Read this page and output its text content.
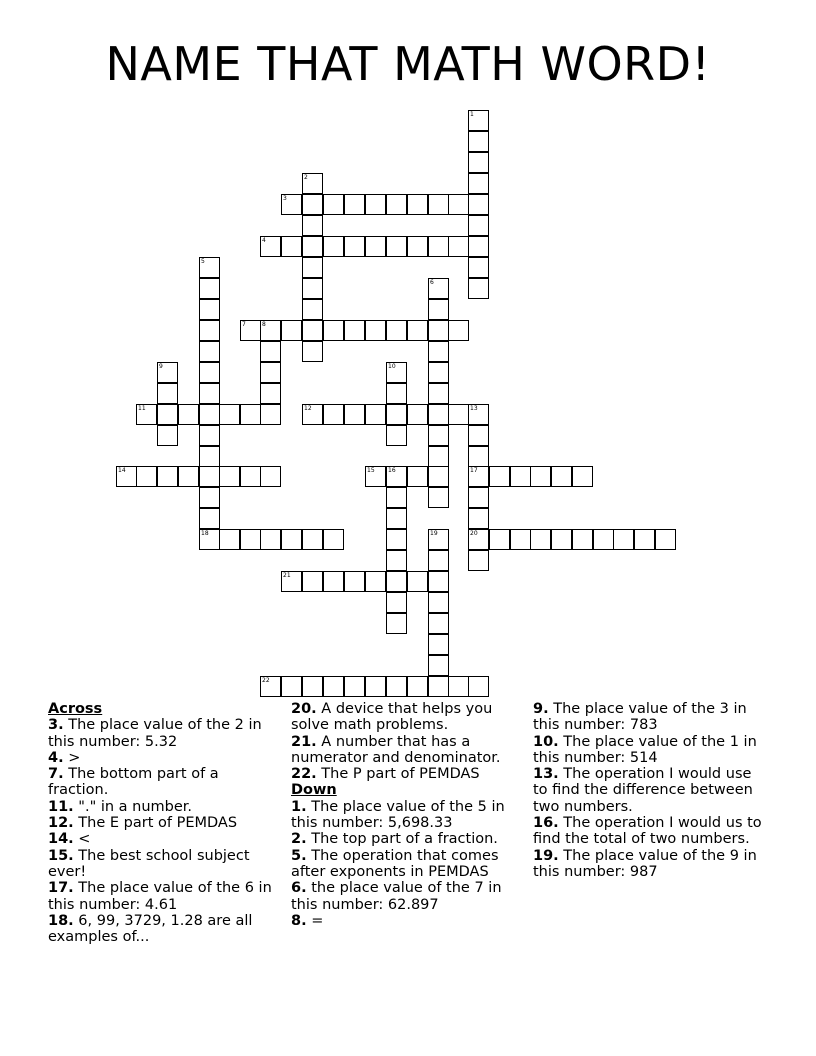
NAME THAT MATH WORD!
1
2
3
4
5
18
6
7	8
9	10
11	12	13
17
20
14	15 16
19
21
22
Across
3. The place value of the 2 in this number: 5.32
4. >
7. The bottom part of a fraction.
11. "." in a number.
12. The E part of PEMDAS
14. <
15. The best school subject ever!
17. The place value of the 6 in this number: 4.61
18. 6, 99, 3729, 1.28 are all examples of...
20. A device that helps you solve math problems.
21. A number that has a numerator and denominator.
22. The P part of PEMDAS
Down
1. The place value of the 5 in this number: 5,698.33
2. The top part of a fraction.
5. The operation that comes after exponents in PEMDAS
6. the place value of the 7 in this number: 62.897
8. =
9. The place value of the 3 in this number: 783
10. The place value of the 1 in this number: 514
13. The operation I would use to find the difference between two numbers.
16. The operation I would us to find the total of two numbers.
19. The place value of the 9 in this number: 987
